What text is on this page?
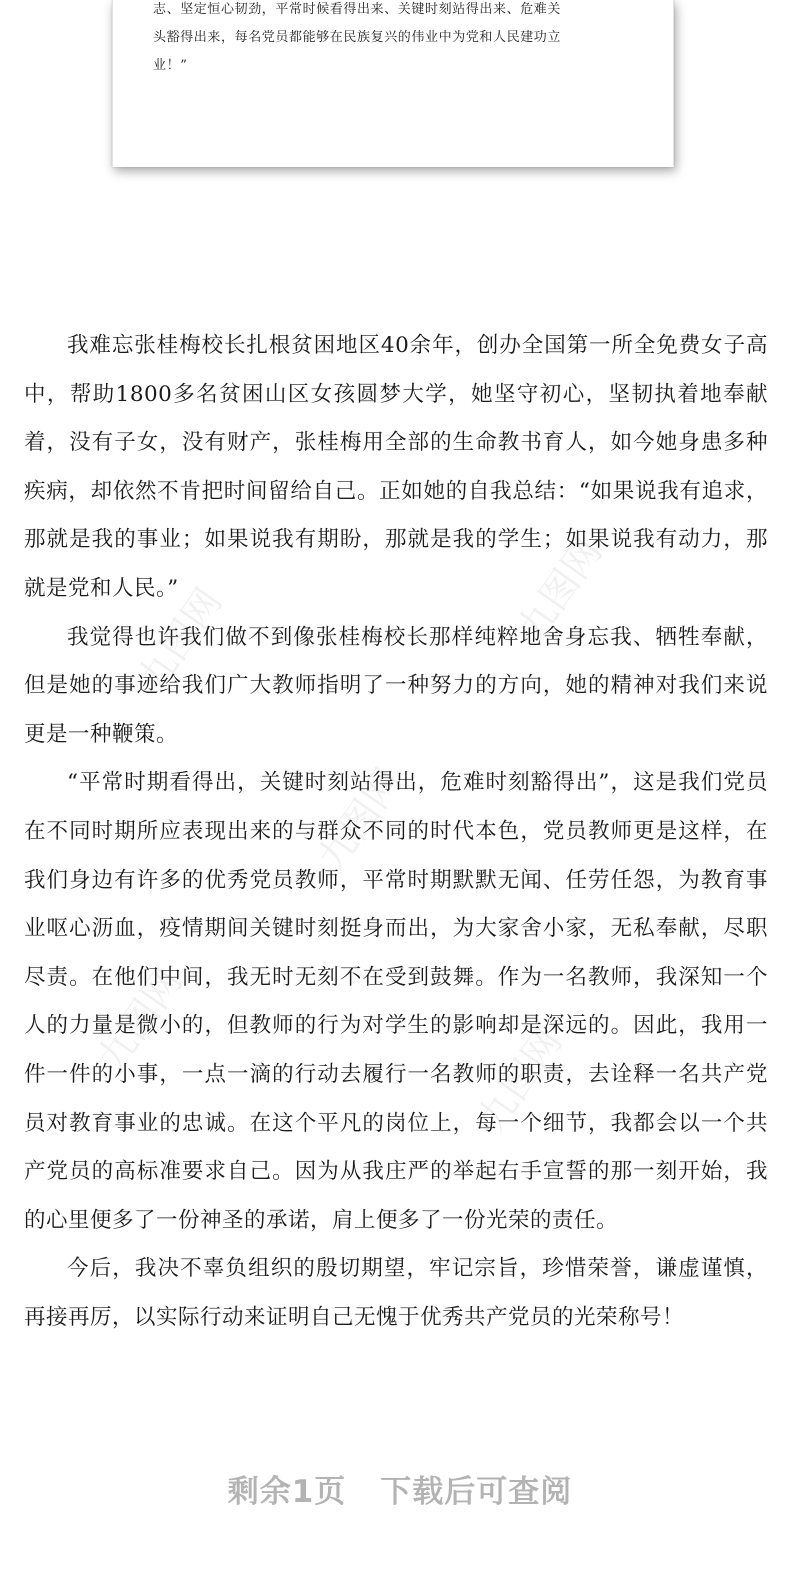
志、坚定恒心韧劲，平常时候看得出来、关键时刻站得出来、危难关
头豁得出来，每名党员都能够在民族复兴的伟业中为党和人民建功立
业！”
九图网	九图网
九图网
九图网
九图网

我难忘张桂梅校长扎根贫困地区40余年，创办全国第一所全免费女子高中，帮助1800多名贫困山区女孩圆梦大学，她坚守初心，坚韧执着地奉献着，没有子女，没有财产，张桂梅用全部的生命教书育人，如今她身患多种疾病，却依然不肯把时间留给自己。正如她的自我总结：“如果说我有追求，那就是我的事业；如果说我有期盼，那就是我的学生；如果说我有动力，那就是党和人民。”

我觉得也许我们做不到像张桂梅校长那样纯粹地舍身忘我、牺牲奉献，但是她的事迹给我们广大教师指明了一种努力的方向，她的精神对我们来说更是一种鞭策。

“平常时期看得出，关键时刻站得出，危难时刻豁得出”，这是我们党员在不同时期所应表现出来的与群众不同的时代本色，党员教师更是这样，在我们身边有许多的优秀党员教师，平常时期默默无闻、任劳任怨，为教育事业呕心沥血，疫情期间关键时刻挺身而出，为大家舍小家，无私奉献，尽职尽责。在他们中间，我无时无刻不在受到鼓舞。作为一名教师，我深知一个人的力量是微小的，但教师的行为对学生的影响却是深远的。因此，我用一件一件的小事，一点一滴的行动去履行一名教师的职责，去诠释一名共产党员对教育事业的忠诚。在这个平凡的岗位上，每一个细节，我都会以一个共产党员的高标准要求自己。因为从我庄严的举起右手宣誓的那一刻开始，我的心里便多了一份神圣的承诺，肩上便多了一份光荣的责任。

今后，我决不辜负组织的殷切期望，牢记宗旨，珍惜荣誉，谦虚谨慎，再接再厉，以实际行动来证明自己无愧于优秀共产党员的光荣称号！

剩余1页 下载后可查阅
